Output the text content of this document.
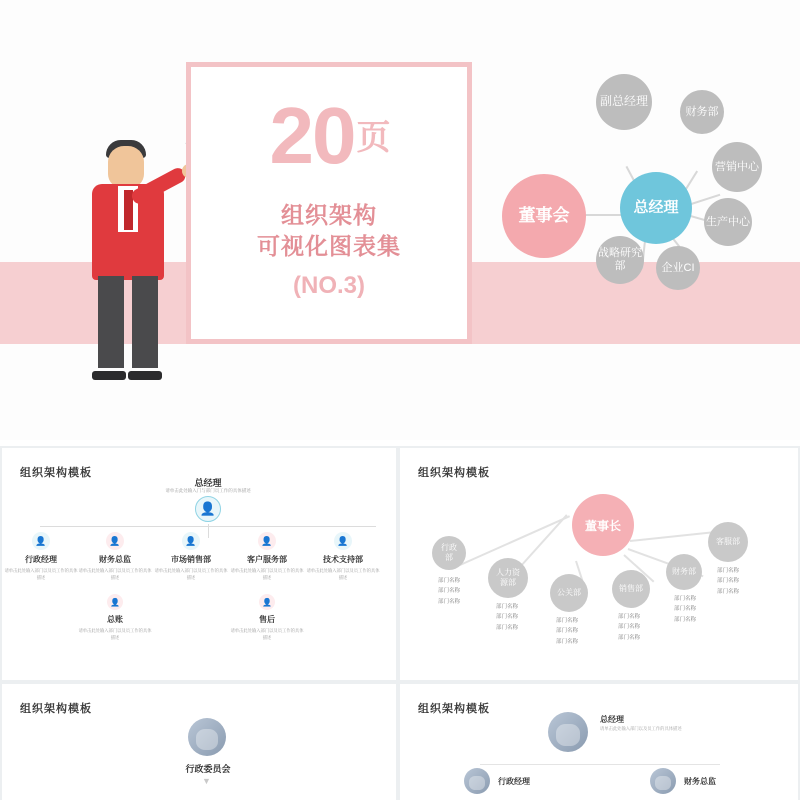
20页
组织架构
可视化图表集
(NO.3)
董事会	总经理
副总经理
财务部
营销中心
生产中心
企业CI
战略研究部
组织架构模板
总经理
👤
请单击此处输入门与部门员工作的具体描述
👤
行政经理
请单击此处输入部门以及员工作的具体描述
👤
财务总监
请单击此处输入部门以及员工作的具体描述
👤
市场销售部
请单击此处输入部门以及员工作的具体描述
👤
客户服务部
请单击此处输入部门以及员工作的具体描述
👤
技术支持部
请单击此处输入部门以及员工作的具体描述
👤
总账
请单击此处输入部门以及员工作的具体描述
👤
售后
请单击此处输入部门以及员工作的具体描述
组织架构模板
董事长
行政
部
部门名称
部门名称
部门名称
人力资
源部
部门名称
部门名称
部门名称
公关部
部门名称
部门名称
部门名称
销售部
部门名称
部门名称
部门名称
财务部
部门名称
部门名称
部门名称
客服部
部门名称
部门名称
部门名称
组织架构模板
行政委员会
▼
组织架构模板
总经理
请单击此处输入部门以及员工作的具体描述
行政经理	财务总监
